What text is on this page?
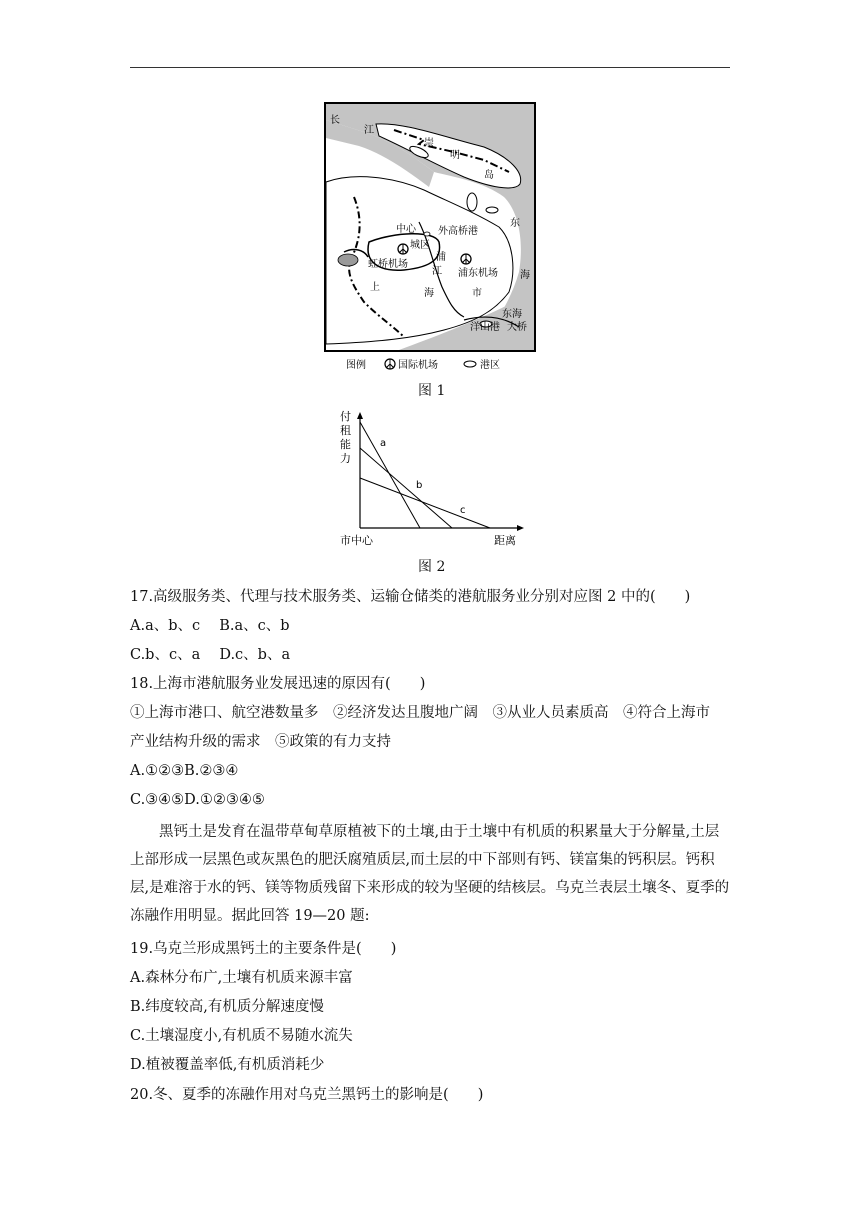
长
江
崇
明
岛
东
海
中心
城区
外高桥港
虹桥机场
浦
江 浦东机场
上
海	市
东海
洋山港 大桥
图例	国际机场	港区
图 1
付
租
能
力
a
b
c
市中心	距离
图 2
17.高级服务类、代理与技术服务类、运输仓储类的港航服务业分别对应图 2 中的(　　)
A.a、b、c　 B.a、c、b
C.b、c、a　 D.c、b、a
18.上海市港航服务业发展迅速的原因有(　　)
①上海市港口、航空港数量多　②经济发达且腹地广阔　③从业人员素质高　④符合上海市
产业结构升级的需求　⑤政策的有力支持
A.①②③B.②③④
C.③④⑤D.①②③④⑤
黑钙土是发育在温带草甸草原植被下的土壤,由于土壤中有机质的积累量大于分解量,土层上部形成一层黑色或灰黑色的肥沃腐殖质层,而土层的中下部则有钙、镁富集的钙积层。钙积层,是难溶于水的钙、镁等物质残留下来形成的较为坚硬的结核层。乌克兰表层土壤冬、夏季的冻融作用明显。据此回答 19—20 题:
19.乌克兰形成黑钙土的主要条件是(　　)
A.森林分布广,土壤有机质来源丰富
B.纬度较高,有机质分解速度慢
C.土壤湿度小,有机质不易随水流失
D.植被覆盖率低,有机质消耗少
20.冬、夏季的冻融作用对乌克兰黑钙土的影响是(　　)
